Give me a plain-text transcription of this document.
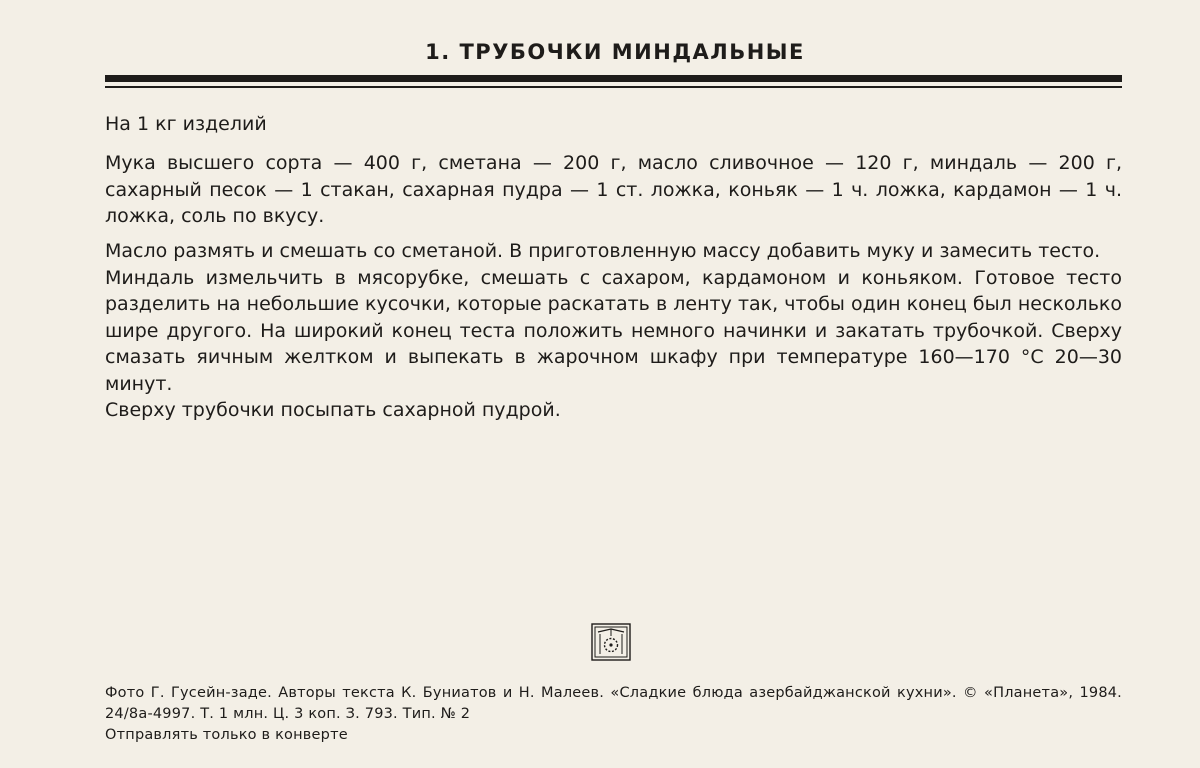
1. ТРУБОЧКИ МИНДАЛЬНЫЕ
На 1 кг изделий

Мука высшего сорта — 400 г, сметана — 200 г, масло сливочное — 120 г, миндаль — 200 г, сахарный песок — 1 стакан, сахарная пудра — 1 ст. ложка, коньяк — 1 ч. ложка, кардамон — 1 ч. ложка, соль по вкусу.

Масло размять и смешать со сметаной. В приготовленную массу добавить муку и замесить тесто.

Миндаль измельчить в мясорубке, смешать с сахаром, кардамоном и коньяком. Готовое тесто разделить на небольшие кусочки, которые раскатать в ленту так, чтобы один конец был несколько шире другого. На широкий конец теста положить немного начинки и закатать трубочкой. Сверху смазать яичным желтком и выпекать в жарочном шкафу при температуре 160—170 °C 20—30 минут.

Сверху трубочки посыпать сахарной пудрой.

Фото Г. Гусейн-заде. Авторы текста К. Буниатов и Н. Малеев. «Сладкие блюда азербайджанской кухни». © «Планета», 1984. 24/8а-4997. Т. 1 млн. Ц. 3 коп. З. 793. Тип. № 2

Отправлять только в конверте
